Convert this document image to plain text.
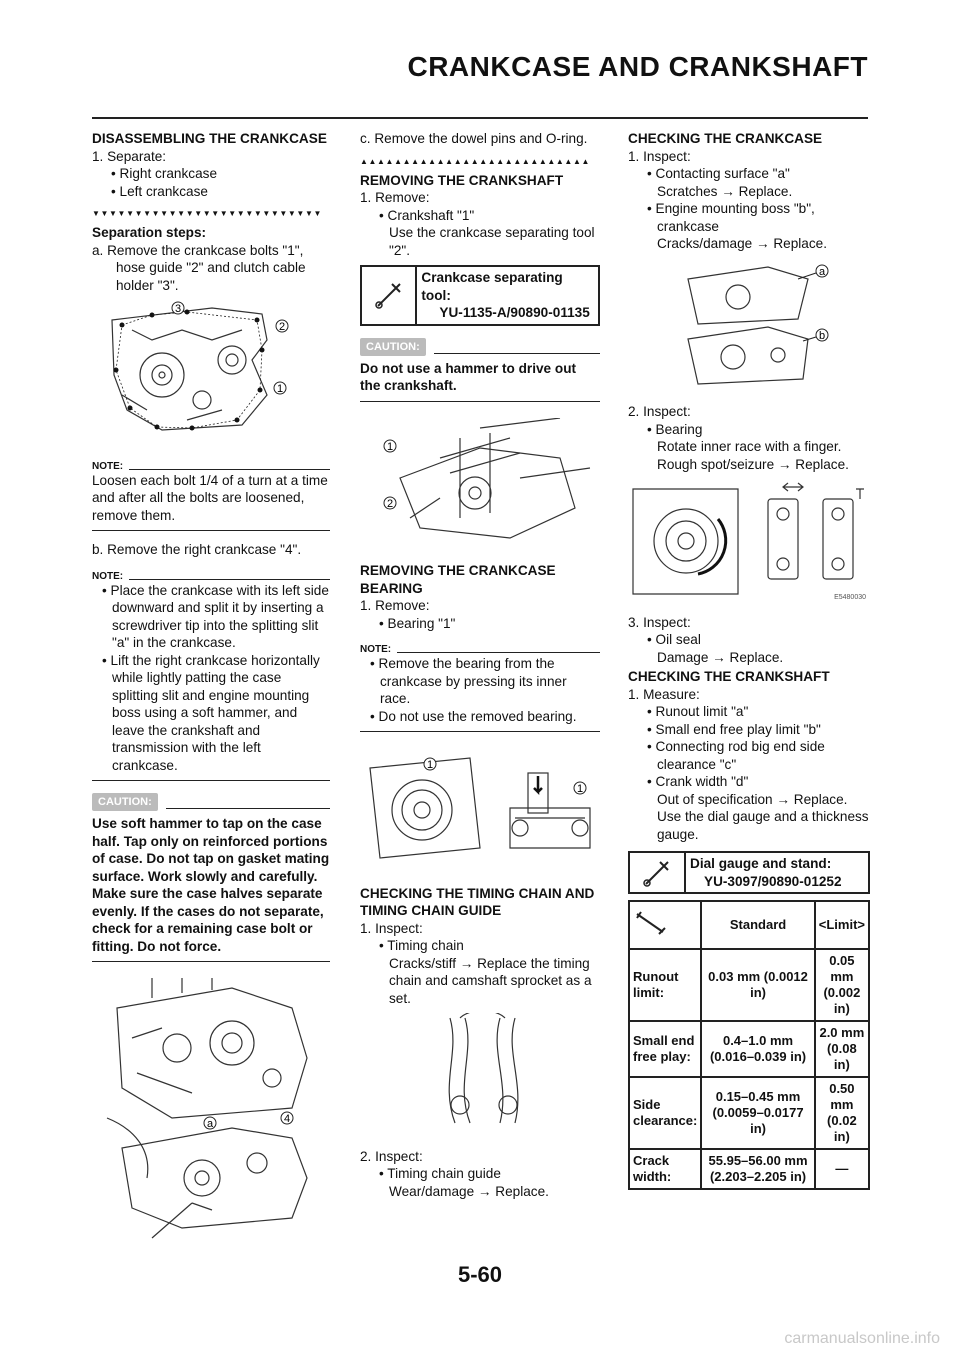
CRANKCASE AND CRANKSHAFT

DISASSEMBLING THE CRANKCASE

1. Separate:

• Right crankcase

• Left crankcase

▼▼▼▼▼▼▼▼▼▼▼▼▼▼▼▼▼▼▼▼▼▼▼▼▼▼▼

Separation steps:

a. Remove the crankcase bolts "1", hose guide "2" and clutch cable holder "3".

3
2
1
NOTE:

Loosen each bolt 1/4 of a turn at a time and after all the bolts are loosened, remove them.

b. Remove the right crankcase "4".

NOTE:

• Place the crankcase with its left side downward and split it by inserting a screwdriver tip into the splitting slit "a" in the crankcase.

• Lift the right crankcase horizontally while lightly patting the case splitting slit and engine mounting boss using a soft hammer, and leave the crankshaft and transmission with the left crankcase.

CAUTION:

Use soft hammer to tap on the case half. Tap only on reinforced portions of case. Do not tap on gasket mating surface. Work slowly and carefully. Make sure the case halves separate evenly. If the cases do not separate, check for a remaining case bolt or fitting. Do not force.

a	4

c. Remove the dowel pins and O-ring.

▲▲▲▲▲▲▲▲▲▲▲▲▲▲▲▲▲▲▲▲▲▲▲▲▲▲▲

REMOVING THE CRANKSHAFT

1. Remove:

• Crankshaft "1"

Use the crankcase separating tool "2".

Crankcase separating tool:
YU-1135-A/90890-01135
CAUTION:

Do not use a hammer to drive out the crankshaft.

1
2

REMOVING THE CRANKCASE BEARING

1. Remove:

• Bearing "1"

NOTE:

• Remove the bearing from the crankcase by pressing its inner race.

• Do not use the removed bearing.

1
1

CHECKING THE TIMING CHAIN AND TIMING CHAIN GUIDE

1. Inspect:

• Timing chain

Cracks/stiff → Replace the timing chain and camshaft sprocket as a set.

2. Inspect:

• Timing chain guide

Wear/damage → Replace.

CHECKING THE CRANKCASE

1. Inspect:

• Contacting surface "a"

Scratches → Replace.

• Engine mounting boss "b", crankcase

Cracks/damage → Replace.

a
b

2. Inspect:

• Bearing

Rotate inner race with a finger.

Rough spot/seizure → Replace.

E5480030

3. Inspect:

• Oil seal

Damage → Replace.

CHECKING THE CRANKSHAFT

1. Measure:

• Runout limit "a"

• Small end free play limit "b"

• Connecting rod big end side clearance "c"

• Crank width "d"

Out of specification → Replace.

Use the dial gauge and a thickness gauge.

Dial gauge and stand:
YU-3097/90890-01252
	Standard	<Limit>
Runout limit:	0.03 mm (0.0012 in)	0.05 mm (0.002 in)
Small end free play:	0.4–1.0 mm (0.016–0.039 in)	2.0 mm (0.08 in)
Side clearance:	0.15–0.45 mm (0.0059–0.0177 in)	0.50 mm (0.02 in)
Crack width:	55.95–56.00 mm (2.203–2.205 in)	—
5-60
carmanualsonline.info
